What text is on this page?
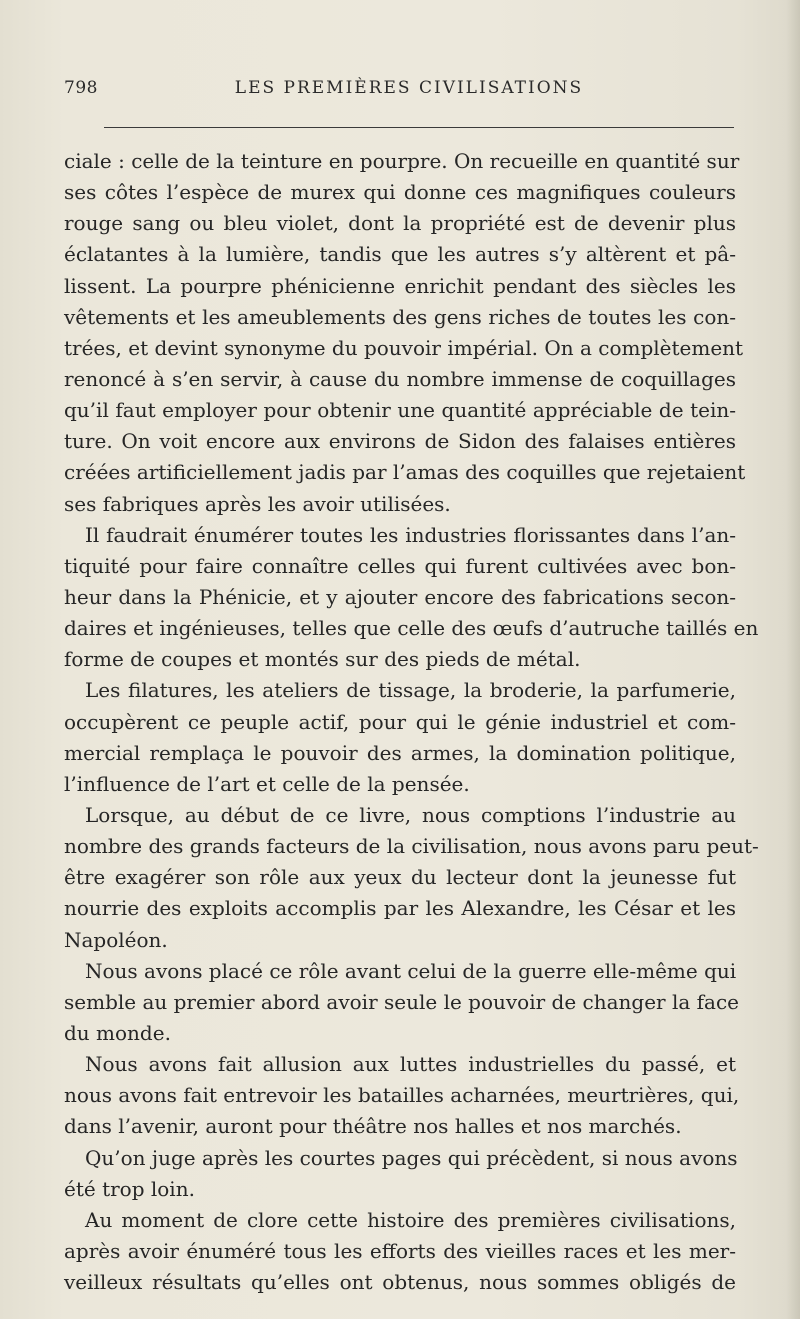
798	LES PREMIÈRES CIVILISATIONS
ciale : celle de la teinture en pourpre. On recueille en quantité sur
ses côtes l’espèce de murex qui donne ces magnifiques couleurs
rouge sang ou bleu violet, dont la propriété est de devenir plus
éclatantes à la lumière, tandis que les autres s’y altèrent et pâ-
lissent. La pourpre phénicienne enrichit pendant des siècles les
vêtements et les ameublements des gens riches de toutes les con-
trées, et devint synonyme du pouvoir impérial. On a complètement
renoncé à s’en servir, à cause du nombre immense de coquillages
qu’il faut employer pour obtenir une quantité appréciable de tein-
ture. On voit encore aux environs de Sidon des falaises entières
créées artificiellement jadis par l’amas des coquilles que rejetaient
ses fabriques après les avoir utilisées.
Il faudrait énumérer toutes les industries florissantes dans l’an-
tiquité pour faire connaître celles qui furent cultivées avec bon-
heur dans la Phénicie, et y ajouter encore des fabrications secon-
daires et ingénieuses, telles que celle des œufs d’autruche taillés en
forme de coupes et montés sur des pieds de métal.
Les filatures, les ateliers de tissage, la broderie, la parfumerie,
occupèrent ce peuple actif, pour qui le génie industriel et com-
mercial remplaça le pouvoir des armes, la domination politique,
l’influence de l’art et celle de la pensée.
Lorsque, au début de ce livre, nous comptions l’industrie au
nombre des grands facteurs de la civilisation, nous avons paru peut-
être exagérer son rôle aux yeux du lecteur dont la jeunesse fut
nourrie des exploits accomplis par les Alexandre, les César et les
Napoléon.
Nous avons placé ce rôle avant celui de la guerre elle-même qui
semble au premier abord avoir seule le pouvoir de changer la face
du monde.
Nous avons fait allusion aux luttes industrielles du passé, et
nous avons fait entrevoir les batailles acharnées, meurtrières, qui,
dans l’avenir, auront pour théâtre nos halles et nos marchés.
Qu’on juge après les courtes pages qui précèdent, si nous avons
été trop loin.
Au moment de clore cette histoire des premières civilisations,
après avoir énuméré tous les efforts des vieilles races et les mer-
veilleux résultats qu’elles ont obtenus, nous sommes obligés de
